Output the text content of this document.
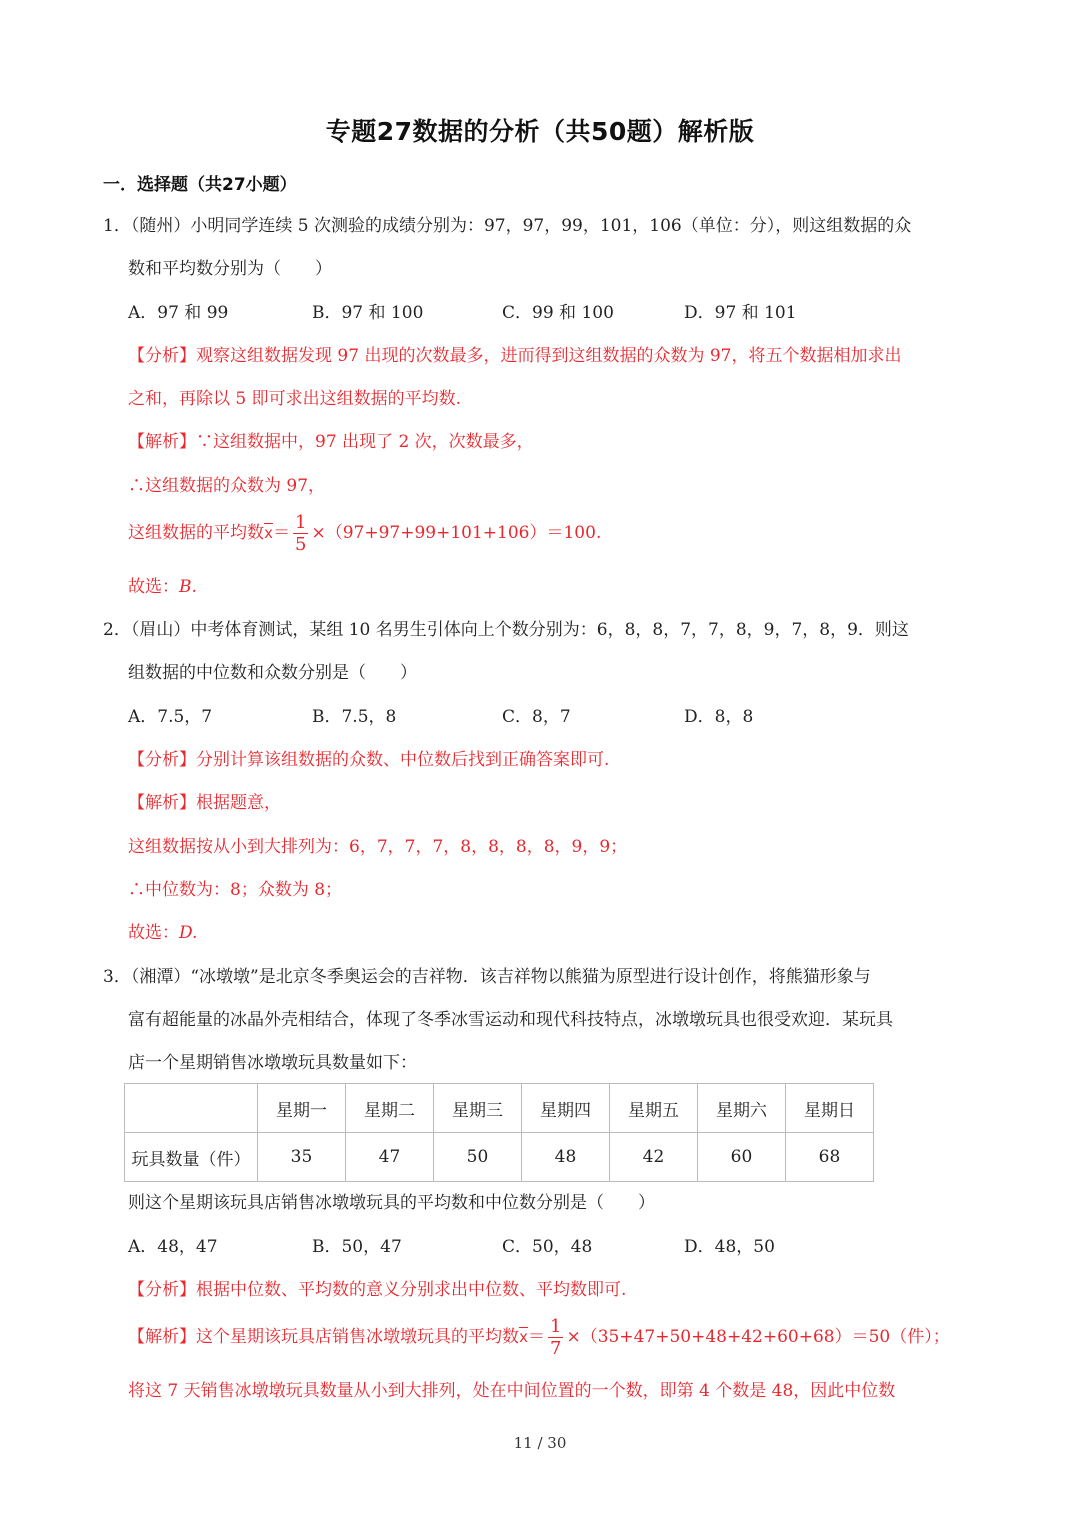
专题27数据的分析（共50题）解析版
一．选择题（共27小题）
1．（随州）小明同学连续 5 次测验的成绩分别为：97，97，99，101，106（单位：分），则这组数据的众
数和平均数分别为（　　）
A．97 和 99	B．97 和 100	C．99 和 100	D．97 和 101
【分析】观察这组数据发现 97 出现的次数最多，进而得到这组数据的众数为 97，将五个数据相加求出
之和，再除以 5 即可求出这组数据的平均数.
【解析】∵这组数据中，97 出现了 2 次，次数最多，
∴这组数据的众数为 97，
这组数据的平均数$\overline{x}= \frac{1}{5} \times(97+97+99+101+106)=100$.
故选：B.
2．（眉山）中考体育测试，某组 10 名男生引体向上个数分别为：6，8，8，7，7，8，9，7，8，9．则这
组数据的中位数和众数分别是（　　）
A．7.5，7	B．7.5，8	C．8，7	D．8，8
【分析】分别计算该组数据的众数、中位数后找到正确答案即可.
【解析】根据题意，
这组数据按从小到大排列为：6，7，7，7，8，8，8，8，9，9；
∴中位数为：8；众数为 8；
故选：D.
3．（湘潭）“冰墩墩”是北京冬季奥运会的吉祥物．该吉祥物以熊猫为原型进行设计创作，将熊猫形象与
富有超能量的冰晶外壳相结合，体现了冬季冰雪运动和现代科技特点，冰墩墩玩具也很受欢迎．某玩具
店一个星期销售冰墩墩玩具数量如下：
	星期一	星期二	星期三	星期四	星期五	星期六	星期日
玩具数量（件）	35	47	50	48	42	60	68
则这个星期该玩具店销售冰墩墩玩具的平均数和中位数分别是（　　）
A．48，47	B．50，47	C．50，48	D．48，50
【分析】根据中位数、平均数的意义分别求出中位数、平均数即可.
【解析】这个星期该玩具店销售冰墩墩玩具的平均数$\overline{x}= \frac{1}{7} \times(35+47+50+48+42+60+68)=50$（件）；
将这 7 天销售冰墩墩玩具数量从小到大排列，处在中间位置的一个数，即第 4 个数是 48，因此中位数
11 / 30
